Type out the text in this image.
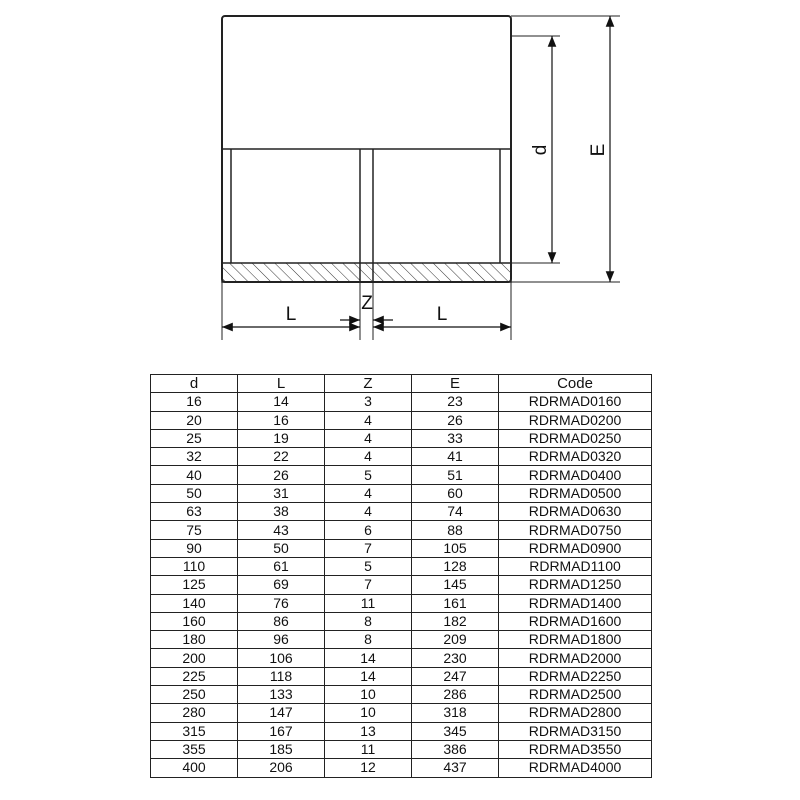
d E
L	L
Z
d	L	Z	E	Code
16	14	3	23	RDRMAD0160
20	16	4	26	RDRMAD0200
25	19	4	33	RDRMAD0250
32	22	4	41	RDRMAD0320
40	26	5	51	RDRMAD0400
50	31	4	60	RDRMAD0500
63	38	4	74	RDRMAD0630
75	43	6	88	RDRMAD0750
90	50	7	105	RDRMAD0900
110	61	5	128	RDRMAD1100
125	69	7	145	RDRMAD1250
140	76	11	161	RDRMAD1400
160	86	8	182	RDRMAD1600
180	96	8	209	RDRMAD1800
200	106	14	230	RDRMAD2000
225	118	14	247	RDRMAD2250
250	133	10	286	RDRMAD2500
280	147	10	318	RDRMAD2800
315	167	13	345	RDRMAD3150
355	185	11	386	RDRMAD3550
400	206	12	437	RDRMAD4000
